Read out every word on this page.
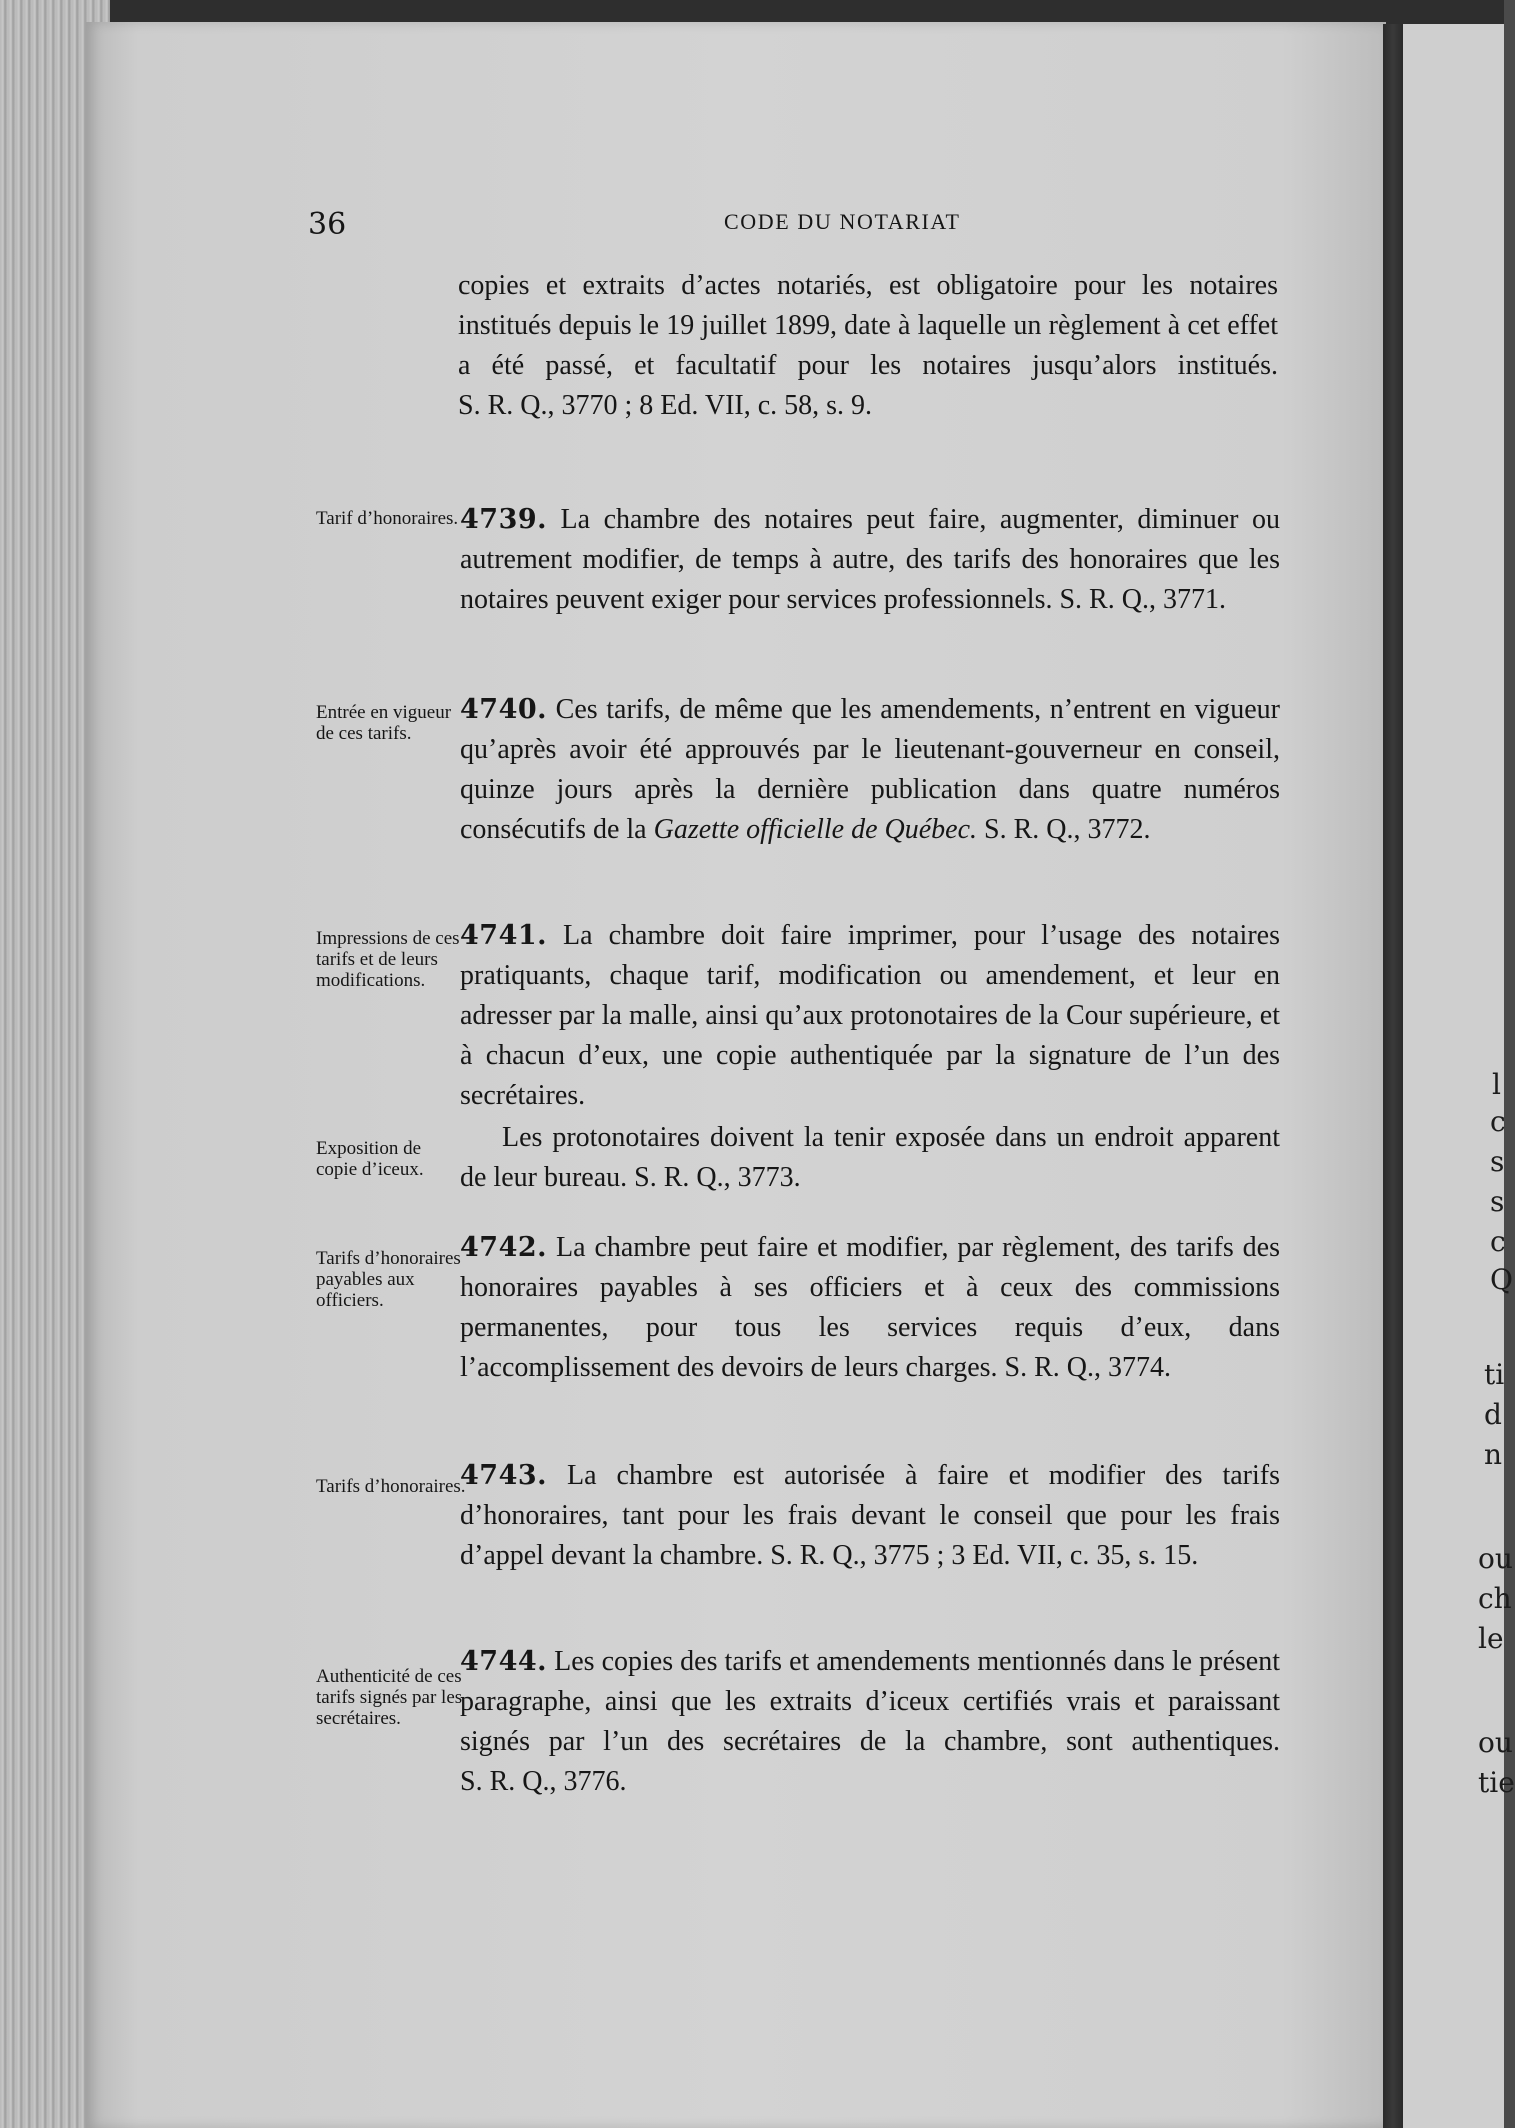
l
c
s
s
c
Q
ti
d
n
ou
ch
le
ou
tie
36	CODE DU NOTARIAT
copies et extraits d’actes notariés, est obligatoire pour les notaires institués depuis le 19 juillet 1899, date à laquelle un règlement à cet effet a été passé, et facultatif pour les notaires jusqu’alors institués. S. R. Q., 3770 ; 8 Ed. VII, c. 58, s. 9.
Tarif d’honoraires. 4739. La chambre des notaires peut faire, augmenter, diminuer ou autrement modifier, de temps à autre, des tarifs des honoraires que les notaires peuvent exiger pour services professionnels. S. R. Q., 3771.
Entrée en vigueur de ces tarifs.
4740. Ces tarifs, de même que les amendements, n’entrent en vigueur qu’après avoir été approuvés par le lieutenant-gouverneur en conseil, quinze jours après la dernière publication dans quatre numéros consécutifs de la Gazette officielle de Québec. S. R. Q., 3772.
Impressions de ces tarifs et de leurs modifications.
4741. La chambre doit faire imprimer, pour l’usage des notaires pratiquants, chaque tarif, modification ou amendement, et leur en adresser par la malle, ainsi qu’aux protonotaires de la Cour supérieure, et à chacun d’eux, une copie authentiquée par la signature de l’un des secrétaires.
Exposition de copie d’iceux.
Les protonotaires doivent la tenir exposée dans un endroit apparent de leur bureau. S. R. Q., 3773.
Tarifs d’honoraires payables aux officiers.
4742. La chambre peut faire et modifier, par règlement, des tarifs des honoraires payables à ses officiers et à ceux des commissions permanentes, pour tous les services requis d’eux, dans l’accomplissement des devoirs de leurs charges. S. R. Q., 3774.
Tarifs d’honoraires.
4743. La chambre est autorisée à faire et modifier des tarifs d’honoraires, tant pour les frais devant le conseil que pour les frais d’appel devant la chambre. S. R. Q., 3775 ; 3 Ed. VII, c. 35, s. 15.
Authenticité de ces tarifs signés par les secrétaires.
4744. Les copies des tarifs et amendements mentionnés dans le présent paragraphe, ainsi que les extraits d’iceux certifiés vrais et paraissant signés par l’un des secrétaires de la chambre, sont authentiques. S. R. Q., 3776.
